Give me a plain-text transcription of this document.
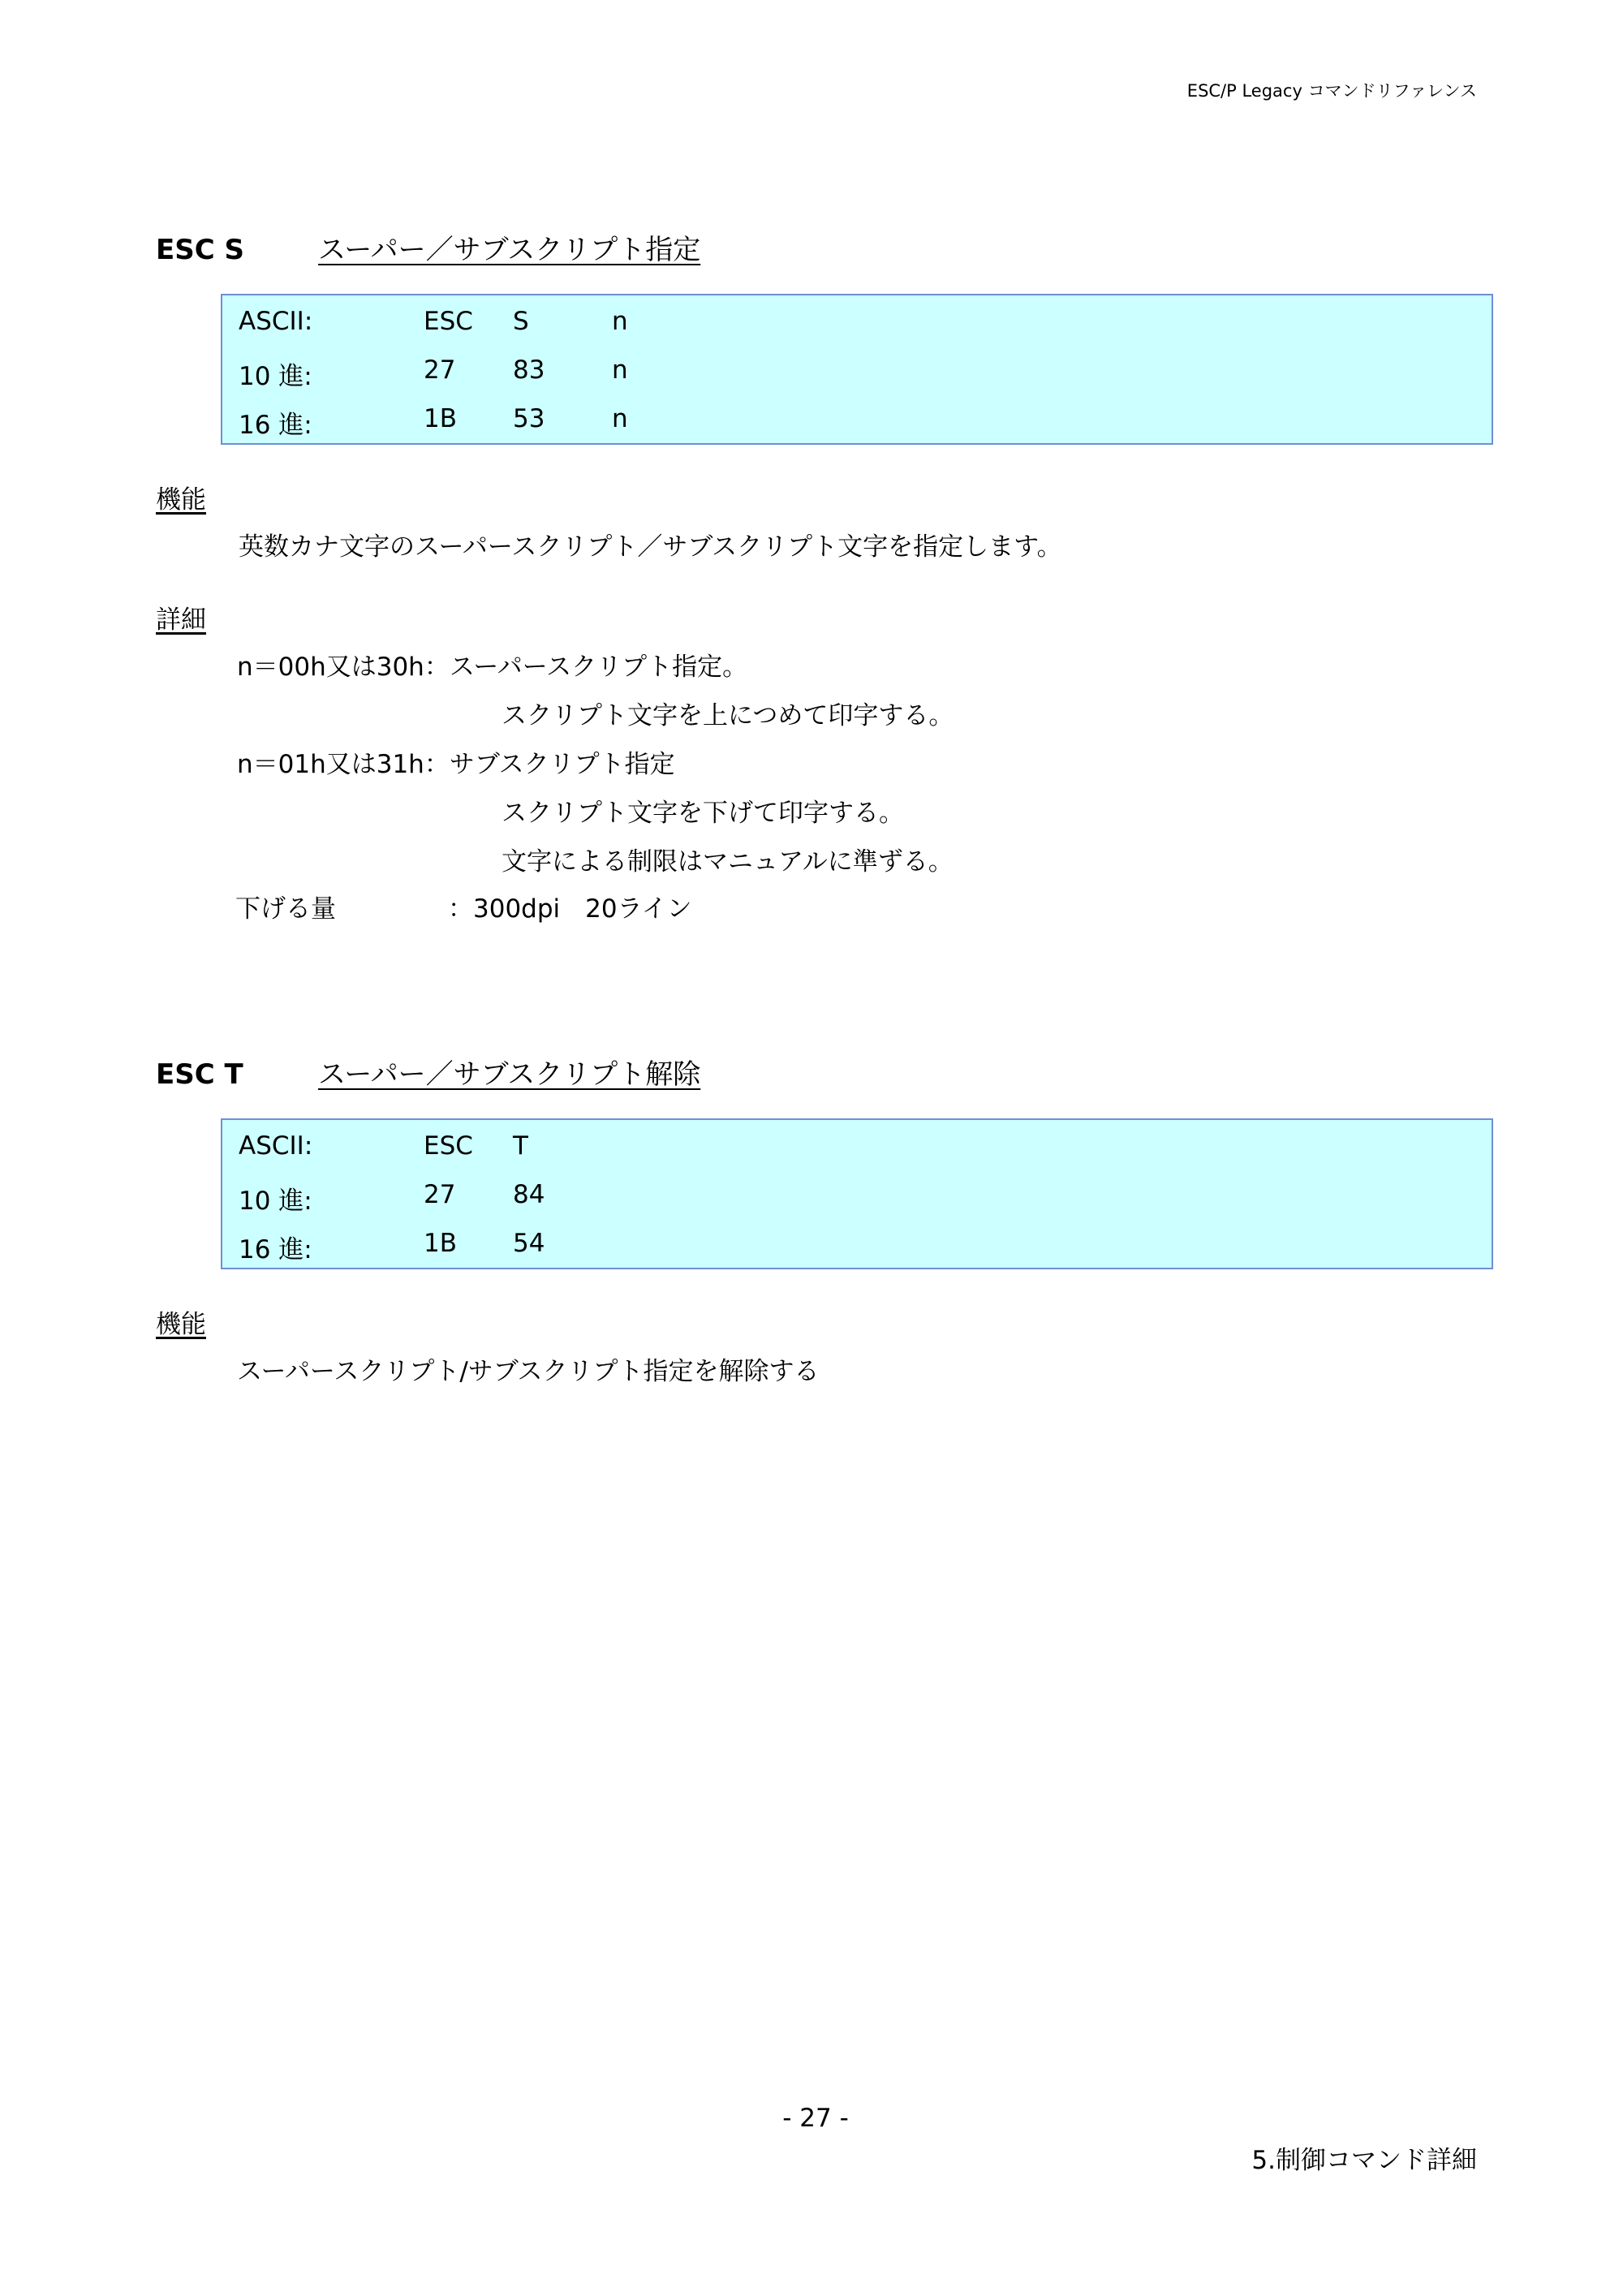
ESC/P Legacy コマンドリファレンス
ESC S	スーパー／サブスクリプト指定
ASCII:	ESC S	n
10 進:	27 83	n
16 進:	1B 53	n
機能
英数カナ文字のスーパースクリプト／サブスクリプト文字を指定します。
詳細
n＝00h又は30h：スーパースクリプト指定。
スクリプト文字を上につめて印字する。
n＝01h又は31h：サブスクリプト指定
スクリプト文字を下げて印字する。
文字による制限はマニュアルに準ずる。
下げる量	：300dpi　20ライン
ESC T	スーパー／サブスクリプト解除
ASCII:	ESC T
10 進:	27 84
16 進:	1B 54
機能
スーパースクリプト/サブスクリプト指定を解除する
- 27 -
5.制御コマンド詳細
